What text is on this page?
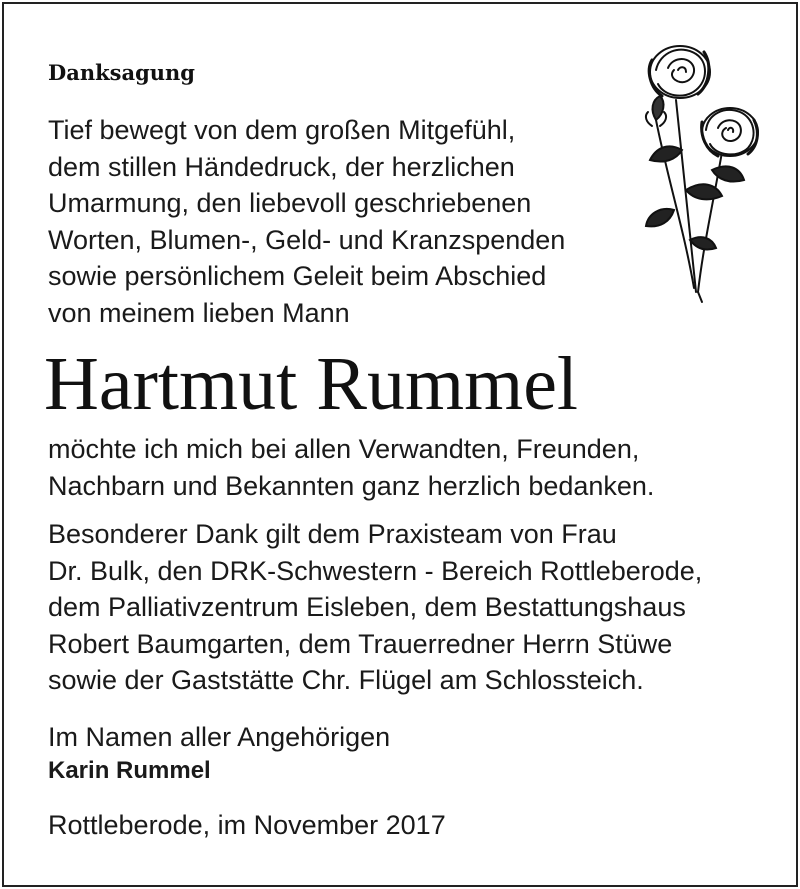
Danksagung
Tief bewegt von dem großen Mitgefühl,
dem stillen Händedruck, der herzlichen
Umarmung, den liebevoll geschriebenen
Worten, Blumen-, Geld- und Kranzspenden
sowie persönlichem Geleit beim Abschied
von meinem lieben Mann
Hartmut Rummel
möchte ich mich bei allen Verwandten, Freunden,
Nachbarn und Bekannten ganz herzlich bedanken.
Besonderer Dank gilt dem Praxisteam von Frau
Dr. Bulk, den DRK-Schwestern - Bereich Rottleberode,
dem Palliativzentrum Eisleben, dem Bestattungshaus
Robert Baumgarten, dem Trauerredner Herrn Stüwe
sowie der Gaststätte Chr. Flügel am Schlossteich.
Im Namen aller Angehörigen
Karin Rummel
Rottleberode, im November 2017
